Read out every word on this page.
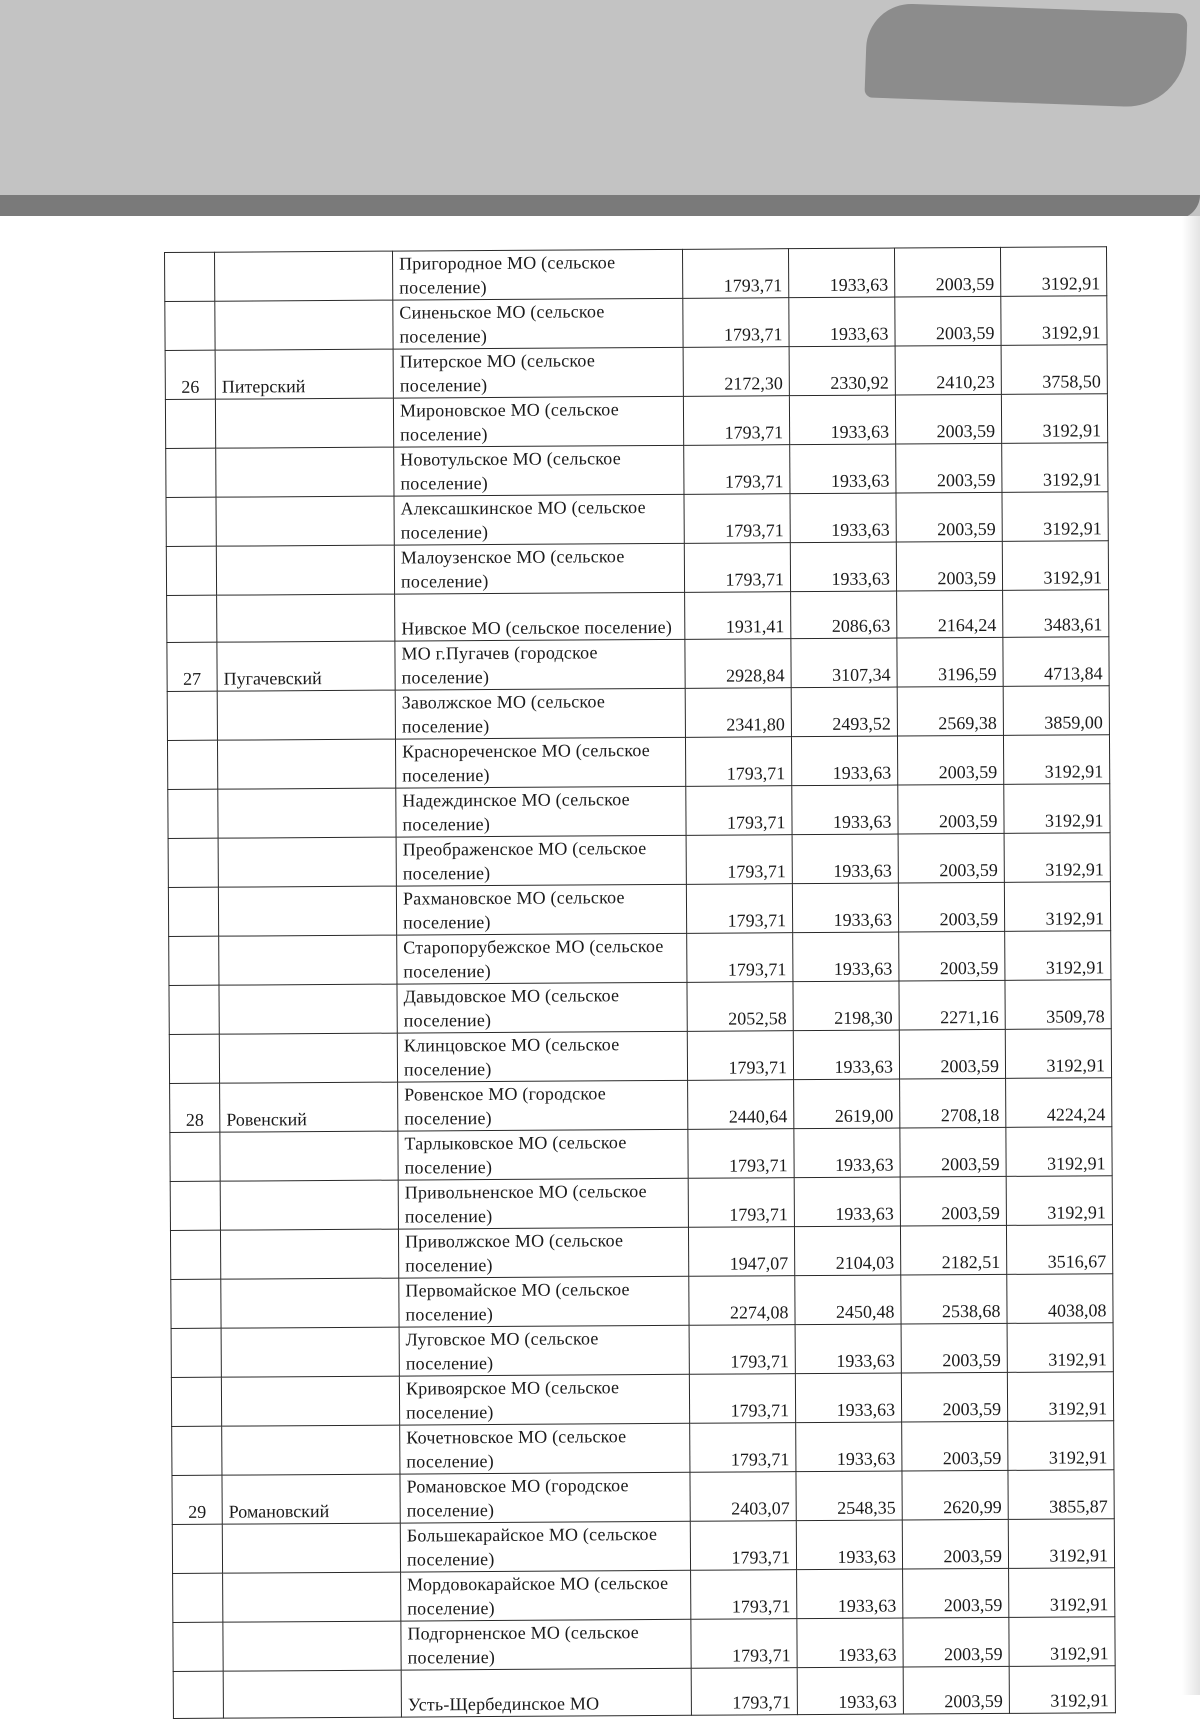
		Пригородное МО (сельское поселение)	1793,71	1933,63	2003,59	3192,91

		Синеньское МО (сельское поселение)	1793,71	1933,63	2003,59	3192,91
26	Питерский	Питерское МО (сельское поселение)	2172,30	2330,92	2410,23	3758,50

		Мироновское МО (сельское поселение)	1793,71	1933,63	2003,59	3192,91

		Новотульское МО (сельское поселение)	1793,71	1933,63	2003,59	3192,91

		Алексашкинское МО (сельское поселение)	1793,71	1933,63	2003,59	3192,91

		Малоузенское МО (сельское поселение)	1793,71	1933,63	2003,59	3192,91

		Нивское МО (сельское поселение)	1931,41	2086,63	2164,24	3483,61
27	Пугачевский	МО г.Пугачев (городское поселение)	2928,84	3107,34	3196,59	4713,84

		Заволжское МО (сельское поселение)	2341,80	2493,52	2569,38	3859,00

		Краснореченское МО (сельское поселение)	1793,71	1933,63	2003,59	3192,91

		Надеждинское МО (сельское поселение)	1793,71	1933,63	2003,59	3192,91

		Преображенское МО (сельское поселение)	1793,71	1933,63	2003,59	3192,91

		Рахмановское МО (сельское поселение)	1793,71	1933,63	2003,59	3192,91

		Старопорубежское МО (сельское поселение)	1793,71	1933,63	2003,59	3192,91

		Давыдовское МО (сельское поселение)	2052,58	2198,30	2271,16	3509,78

		Клинцовское МО (сельское поселение)	1793,71	1933,63	2003,59	3192,91
28	Ровенский	Ровенское МО (городское поселение)	2440,64	2619,00	2708,18	4224,24

		Тарлыковское МО (сельское поселение)	1793,71	1933,63	2003,59	3192,91

		Привольненское МО (сельское поселение)	1793,71	1933,63	2003,59	3192,91

		Приволжское МО (сельское поселение)	1947,07	2104,03	2182,51	3516,67

		Первомайское МО (сельское поселение)	2274,08	2450,48	2538,68	4038,08

		Луговское МО (сельское поселение)	1793,71	1933,63	2003,59	3192,91

		Кривоярское МО (сельское поселение)	1793,71	1933,63	2003,59	3192,91

		Кочетновское МО (сельское поселение)	1793,71	1933,63	2003,59	3192,91
29	Романовский	Романовское МО (городское поселение)	2403,07	2548,35	2620,99	3855,87

		Большекарайское МО (сельское поселение)	1793,71	1933,63	2003,59	3192,91

		Мордовокарайское МО (сельское поселение)	1793,71	1933,63	2003,59	3192,91

		Подгорненское МО (сельское поселение)	1793,71	1933,63	2003,59	3192,91

		Усть-Щербединское МО	1793,71	1933,63	2003,59	3192,91
